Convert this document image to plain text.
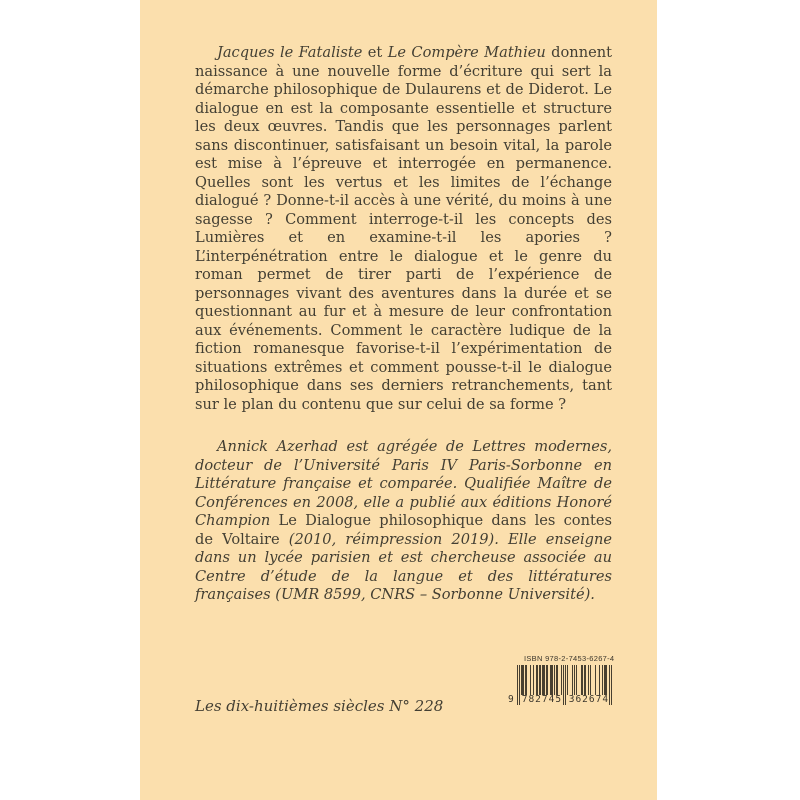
Jacques le Fataliste et Le Compère Mathieu donnent naissance à une nouvelle forme d’écriture qui sert la démarche philosophique de Dulaurens et de Diderot. Le dialogue en est la composante essentielle et structure les deux œuvres. Tandis que les personnages parlent sans discontinuer, satisfaisant un besoin vital, la parole est mise à l’épreuve et interrogée en permanence. Quelles sont les vertus et les limites de l’échange dialogué ? Donne-t-il accès à une vérité, du moins à une sagesse ? Comment interroge-t-il les concepts des Lumières et en examine-t-il les apories ? L’interpénétration entre le dialogue et le genre du roman permet de tirer parti de l’expérience de personnages vivant des aventures dans la durée et se questionnant au fur et à mesure de leur confrontation aux événements. Comment le caractère ludique de la fiction romanesque favorise-t-il l’expérimentation de situations extrêmes et comment pousse-t-il le dialogue philosophique dans ses derniers retranchements, tant sur le plan du contenu que sur celui de sa forme ?

Annick Azerhad est agrégée de Lettres modernes, docteur de l’Université Paris IV Paris-Sorbonne en Littérature française et comparée. Qualifiée Maître de Conférences en 2008, elle a publié aux éditions Honoré Champion Le Dialogue philosophique dans les contes de Voltaire (2010, réimpression 2019). Elle enseigne dans un lycée parisien et est chercheuse associée au Centre d’étude de la langue et des littératures françaises (UMR 8599, CNRS – Sorbonne Université).

ISBN 978-2-7453-6267-4
9 782745 362674
Les dix-huitièmes siècles N° 228
